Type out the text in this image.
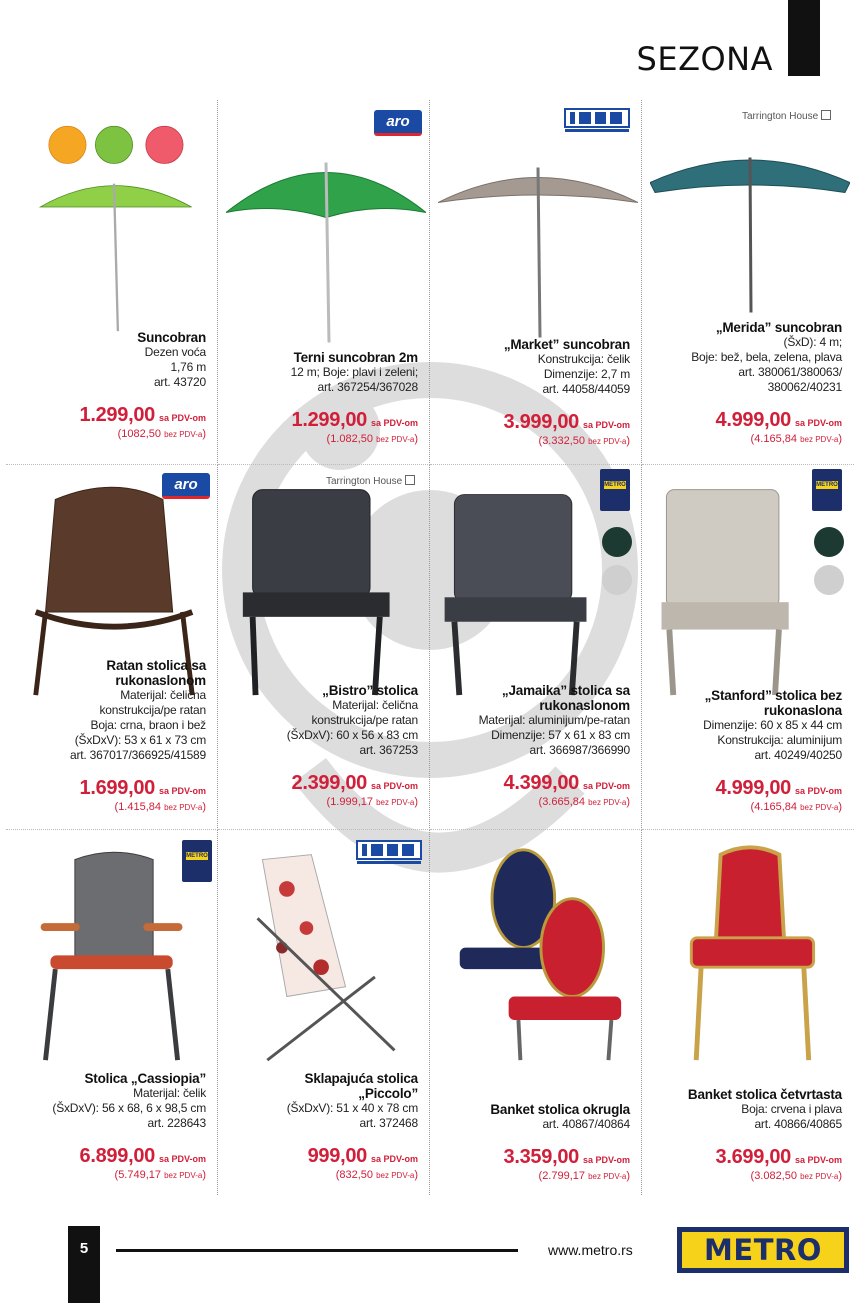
SEZONA
Suncobran
Dezen voća
1,76 m
art. 43720
1.299,00 sa PDV-om
(1082,50 bez PDV-a)
aro
Terni suncobran 2m
12 m; Boje: plavi i zeleni;
art. 367254/367028
1.299,00 sa PDV-om
(1.082,50 bez PDV-a)
„Market” suncobran
Konstrukcija: čelik
Dimenzije: 2,7 m
art. 44058/44059
3.999,00 sa PDV-om
(3.332,50 bez PDV-a)
Tarrington House
„Merida” suncobran
(ŠxD): 4 m;
Boje: bež, bela, zelena, plava
art. 380061/380063/
380062/40231
4.999,00 sa PDV-om
(4.165,84 bez PDV-a)
aro
Ratan stolica sa rukonaslonom
Materijal: čelična
konstrukcija/pe ratan
Boja: crna, braon i bež
(ŠxDxV): 53 x 61 x 73 cm
art. 367017/366925/41589
1.699,00 sa PDV-om
(1.415,84 bez PDV-a)
Tarrington House
„Bistro” stolica
Materijal: čelična
konstrukcija/pe ratan
(ŠxDxV): 60 x 56 x 83 cm
art. 367253
2.399,00 sa PDV-om
(1.999,17 bez PDV-a)
METRO
„Jamaika” stolica sa rukonaslonom
Materijal: aluminijum/pe-ratan
Dimenzije: 57 x 61 x 83 cm
art. 366987/366990
4.399,00 sa PDV-om
(3.665,84 bez PDV-a)
METRO
„Stanford” stolica bez rukonaslona
Dimenzije: 60 x 85 x 44 cm
Konstrukcija: aluminijum
art. 40249/40250
4.999,00 sa PDV-om
(4.165,84 bez PDV-a)
METRO
Stolica „Cassiopia”
Materijal: čelik
(ŠxDxV): 56 x 68, 6 x 98,5 cm
art. 228643
6.899,00 sa PDV-om
(5.749,17 bez PDV-a)
Sklapajuća stolica „Piccolo”
(ŠxDxV): 51 x 40 x 78 cm
art. 372468
999,00 sa PDV-om
(832,50 bez PDV-a)
Banket stolica okrugla
art. 40867/40864
3.359,00 sa PDV-om
(2.799,17 bez PDV-a)
Banket stolica četvrtasta
Boja: crvena i plava
art. 40866/40865
3.699,00 sa PDV-om
(3.082,50 bez PDV-a)
5	www.metro.rs	METRO
